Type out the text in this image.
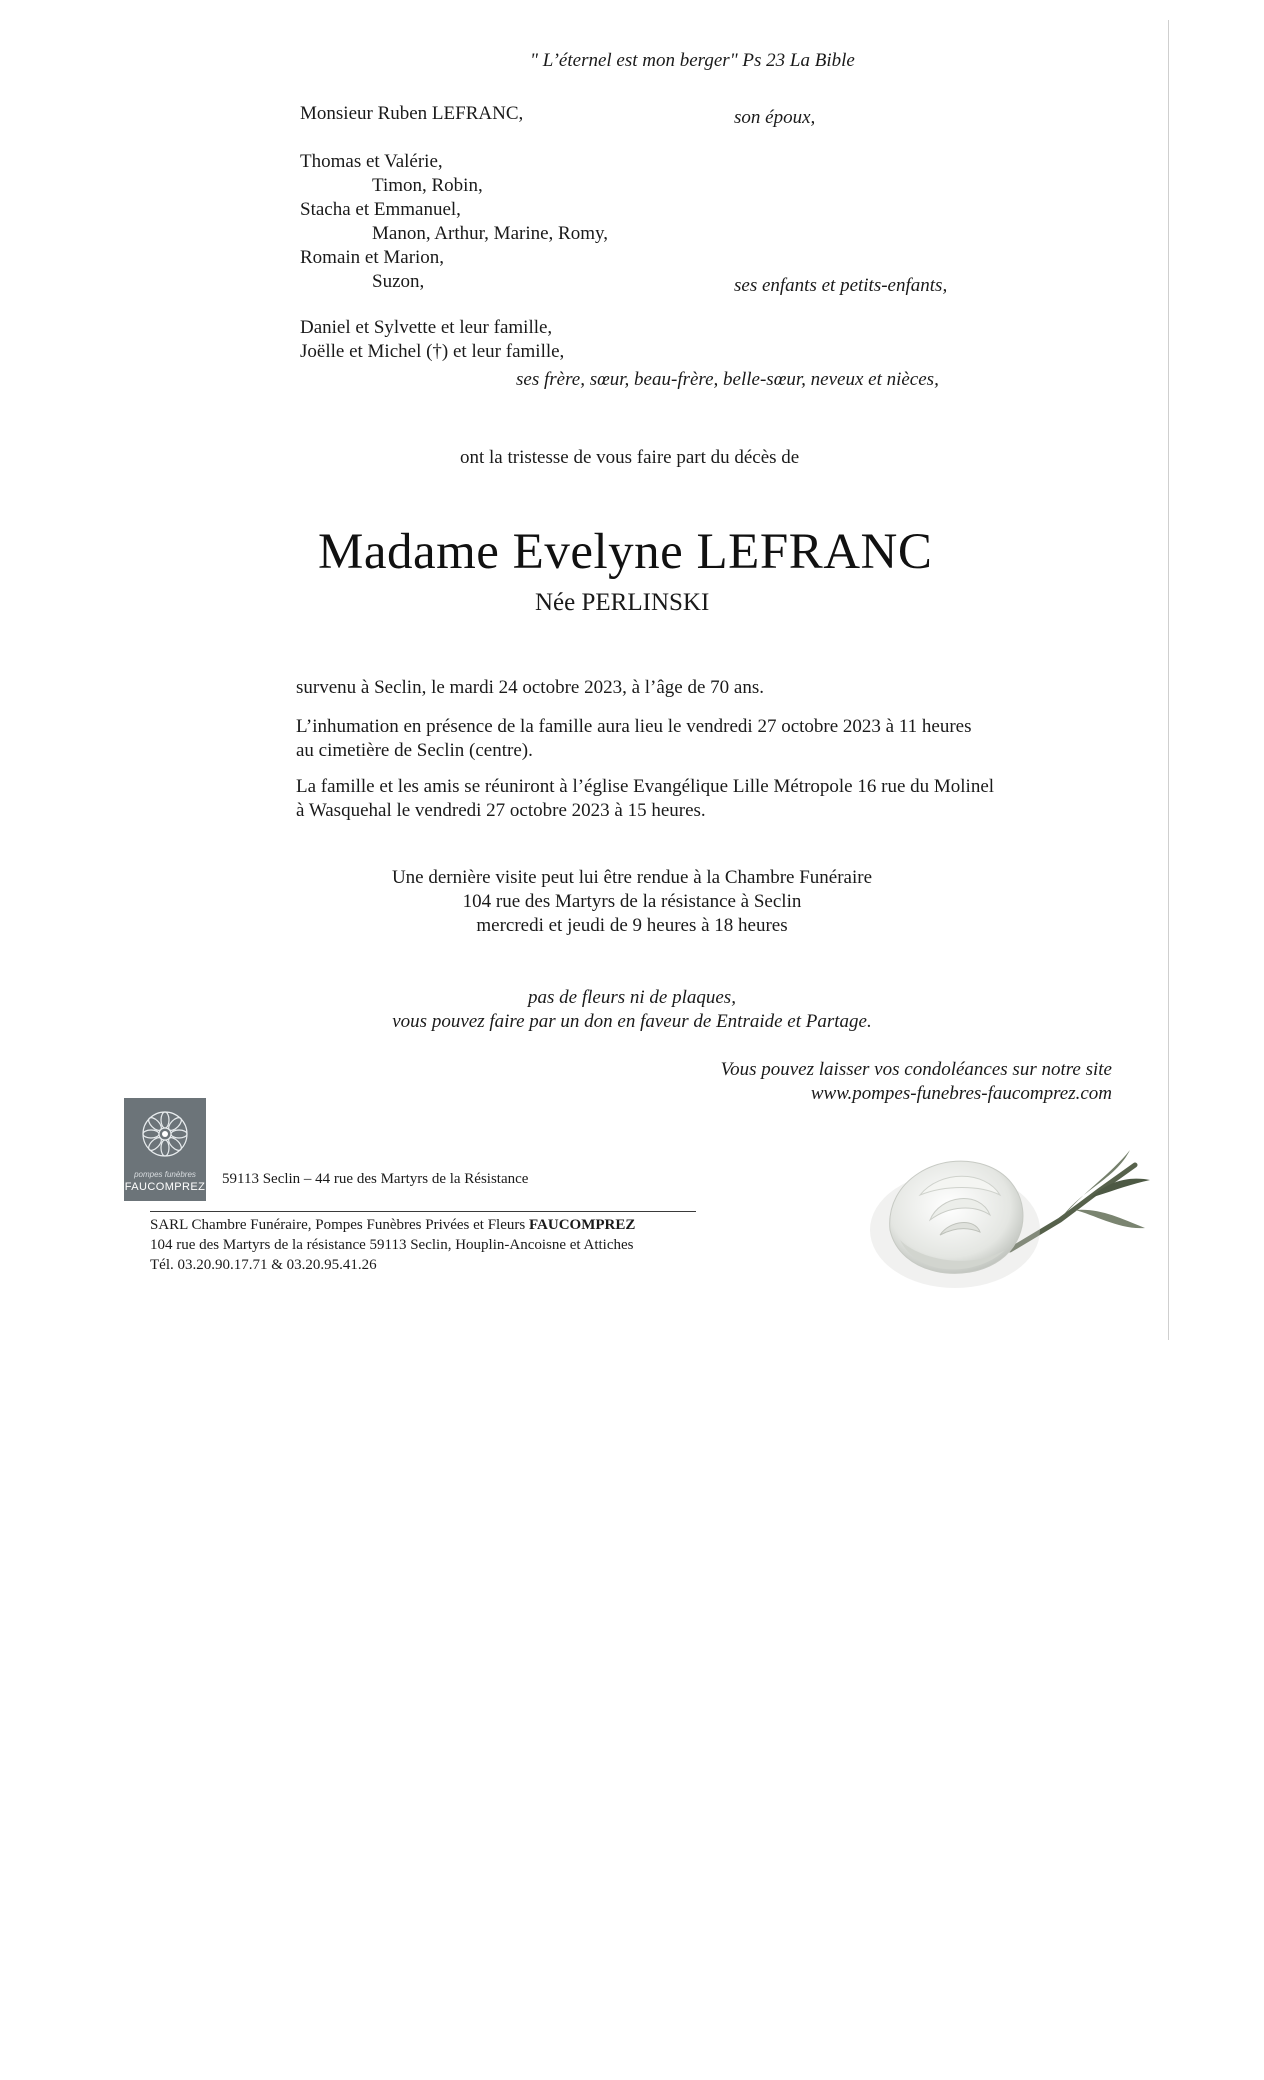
" L’éternel est mon berger" Ps 23 La Bible
Monsieur Ruben LEFRANC,	son époux,
Thomas et Valérie,
Timon, Robin,
Stacha et Emmanuel,
Manon, Arthur, Marine, Romy,
Romain et Marion,
Suzon,	ses enfants et petits-enfants,
Daniel et Sylvette et leur famille,
Joëlle et Michel (†) et leur famille,
ses frère, sœur, beau-frère, belle-sœur, neveux et nièces,
ont la tristesse de vous faire part du décès de
Madame Evelyne LEFRANC
Née PERLINSKI
survenu à Seclin, le mardi 24 octobre 2023, à l’âge de 70 ans.
L’inhumation en présence de la famille aura lieu le vendredi 27 octobre 2023 à 11 heures
au cimetière de Seclin (centre).
La famille et les amis se réuniront à l’église Evangélique Lille Métropole 16 rue du Molinel
à Wasquehal le vendredi 27 octobre 2023 à 15 heures.
Une dernière visite peut lui être rendue à la Chambre Funéraire
104 rue des Martyrs de la résistance à Seclin
mercredi et jeudi de 9 heures à 18 heures
pas de fleurs ni de plaques,
vous pouvez faire par un don en faveur de Entraide et Partage.
Vous pouvez laisser vos condoléances sur notre site
www.pompes-funebres-faucomprez.com
pompes funèbres
FAUCOMPREZ 59113 Seclin – 44 rue des Martyrs de la Résistance
SARL Chambre Funéraire, Pompes Funèbres Privées et Fleurs FAUCOMPREZ
104 rue des Martyrs de la résistance 59113 Seclin, Houplin-Ancoisne et Attiches
Tél. 03.20.90.17.71 & 03.20.95.41.26
